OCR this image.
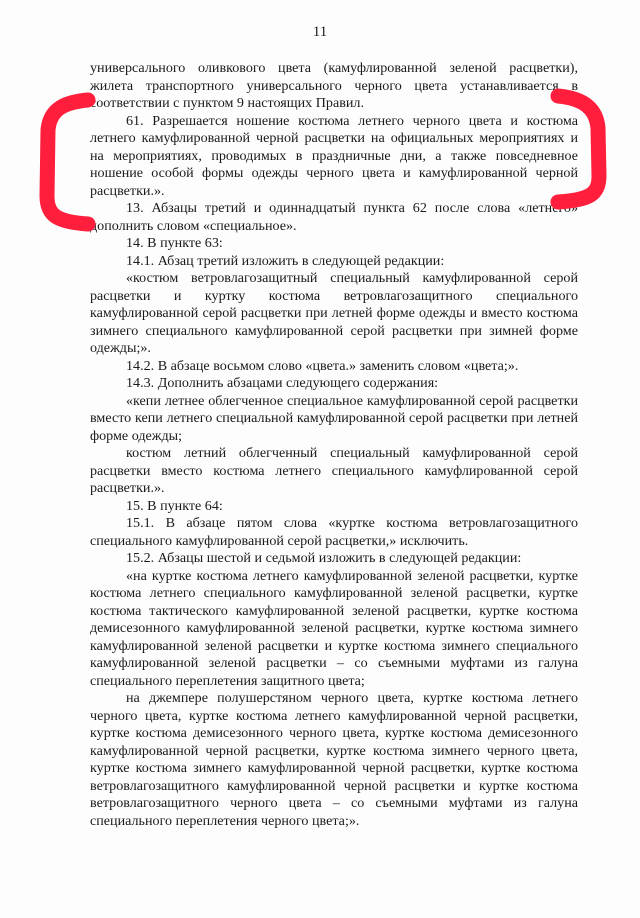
11

универсального оливкового цвета (камуфлированной зеленой расцветки), жилета транспортного универсального черного цвета устанавливается в соответствии с пунктом 9 настоящих Правил.

61. Разрешается ношение костюма летнего черного цвета и костюма летнего камуфлированной черной расцветки на официальных мероприятиях и на мероприятиях, проводимых в праздничные дни, а также повседневное ношение особой формы одежды черного цвета и камуфлированной черной расцветки.».

13. Абзацы третий и одиннадцатый пункта 62 после слова «летнего» дополнить словом «специальное».

14. В пункте 63:

14.1. Абзац третий изложить в следующей редакции:

«костюм ветровлагозащитный специальный камуфлированной серой расцветки и куртку костюма ветровлагозащитного специального камуфлированной серой расцветки при летней форме одежды и вместо костюма зимнего специального камуфлированной серой расцветки при зимней форме одежды;».

14.2. В абзаце восьмом слово «цвета.» заменить словом «цвета;».

14.3. Дополнить абзацами следующего содержания:

«кепи летнее облегченное специальное камуфлированной серой расцветки вместо кепи летнего специальной камуфлированной серой расцветки при летней форме одежды;

костюм летний облегченный специальный камуфлированной серой расцветки вместо костюма летнего специального камуфлированной серой расцветки.».

15. В пункте 64:

15.1. В абзаце пятом слова «куртке костюма ветровлагозащитного специального камуфлированной серой расцветки,» исключить.

15.2. Абзацы шестой и седьмой изложить в следующей редакции:

«на куртке костюма летнего камуфлированной зеленой расцветки, куртке костюма летнего специального камуфлированной зеленой расцветки, куртке костюма тактического камуфлированной зеленой расцветки, куртке костюма демисезонного камуфлированной зеленой расцветки, куртке костюма зимнего камуфлированной зеленой расцветки и куртке костюма зимнего специального камуфлированной зеленой расцветки – со съемными муфтами из галуна специального переплетения защитного цвета;

на джемпере полушерстяном черного цвета, куртке костюма летнего черного цвета, куртке костюма летнего камуфлированной черной расцветки, куртке костюма демисезонного черного цвета, куртке костюма демисезонного камуфлированной черной расцветки, куртке костюма зимнего черного цвета, куртке костюма зимнего камуфлированной черной расцветки, куртке костюма ветровлагозащитного камуфлированной черной расцветки и куртке костюма ветровлагозащитного черного цвета – со съемными муфтами из галуна специального переплетения черного цвета;».
